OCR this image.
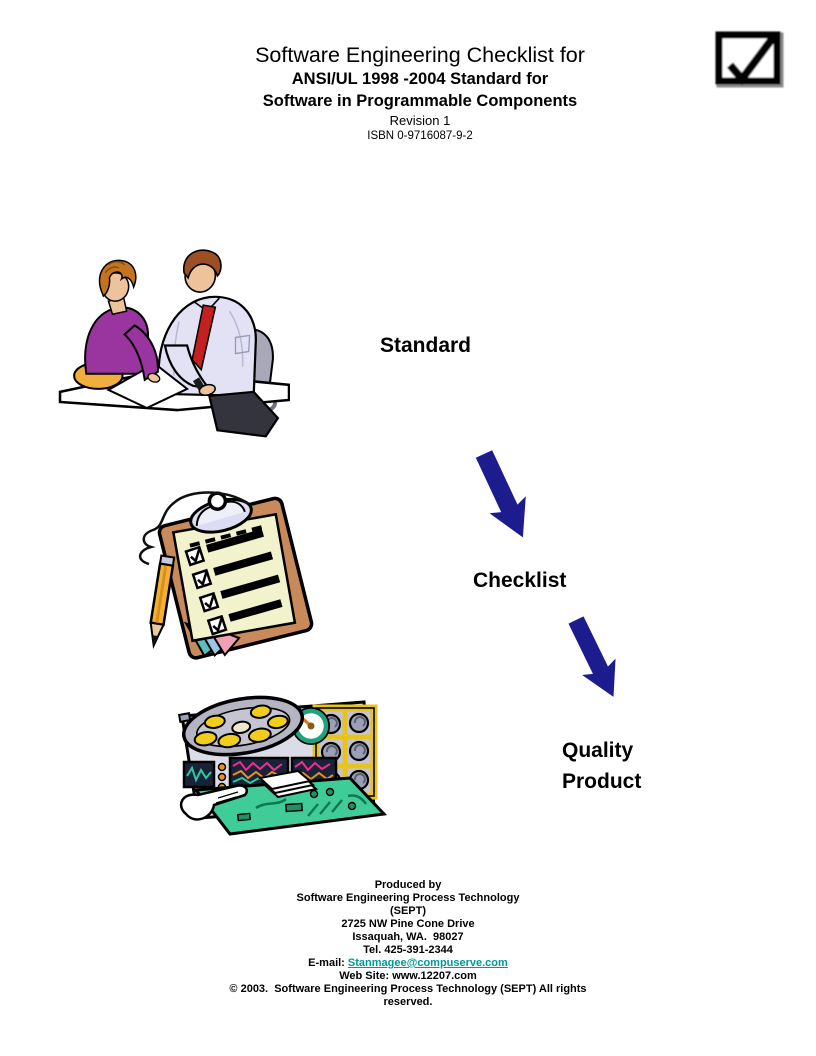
Software Engineering Checklist for
ANSI/UL 1998 -2004 Standard for
Software in Programmable Components
Revision 1
ISBN 0-9716087-9-2
Standard
Checklist
Quality
Product
Produced by
Software Engineering Process Technology
(SEPT)
2725 NW Pine Cone Drive
Issaquah, WA.  98027
Tel. 425-391-2344
E-mail: Stanmagee@compuserve.com
Web Site: www.12207.com
© 2003.  Software Engineering Process Technology (SEPT) All rights reserved.
